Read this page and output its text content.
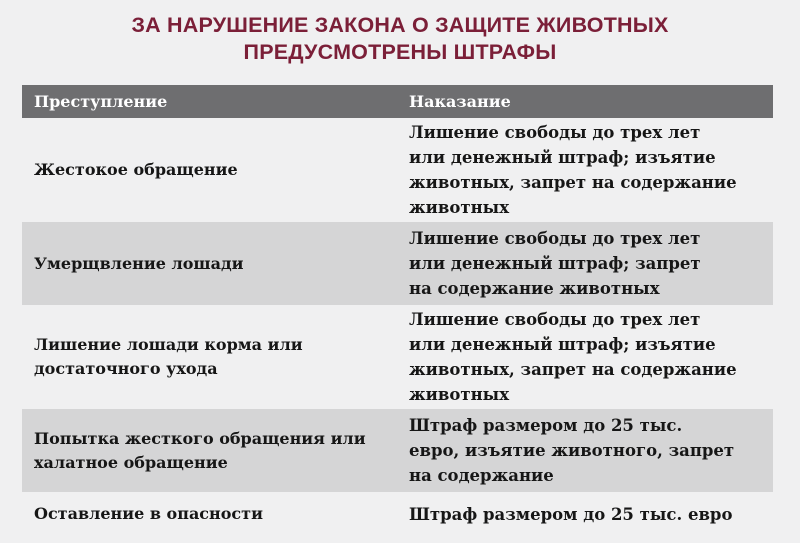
ЗА НАРУШЕНИЕ ЗАКОНА О ЗАЩИТЕ ЖИВОТНЫХ
ПРЕДУСМОТРЕНЫ ШТРАФЫ
Преступление	Наказание
Жестокое обращение
Лишение свободы до трех лет
или денежный штраф; изъятие
животных, запрет на содержание
животных
Умерщвление лошади
Лишение свободы до трех лет
или денежный штраф; запрет
на содержание животных
Лишение лошади корма или
достаточного ухода
Лишение свободы до трех лет
или денежный штраф; изъятие
животных, запрет на содержание
животных
Попытка жесткого обращения или
халатное обращение
Штраф размером до 25 тыс.
евро, изъятие животного, запрет
на содержание
Оставление в опасности	Штраф размером до 25 тыс. евро
